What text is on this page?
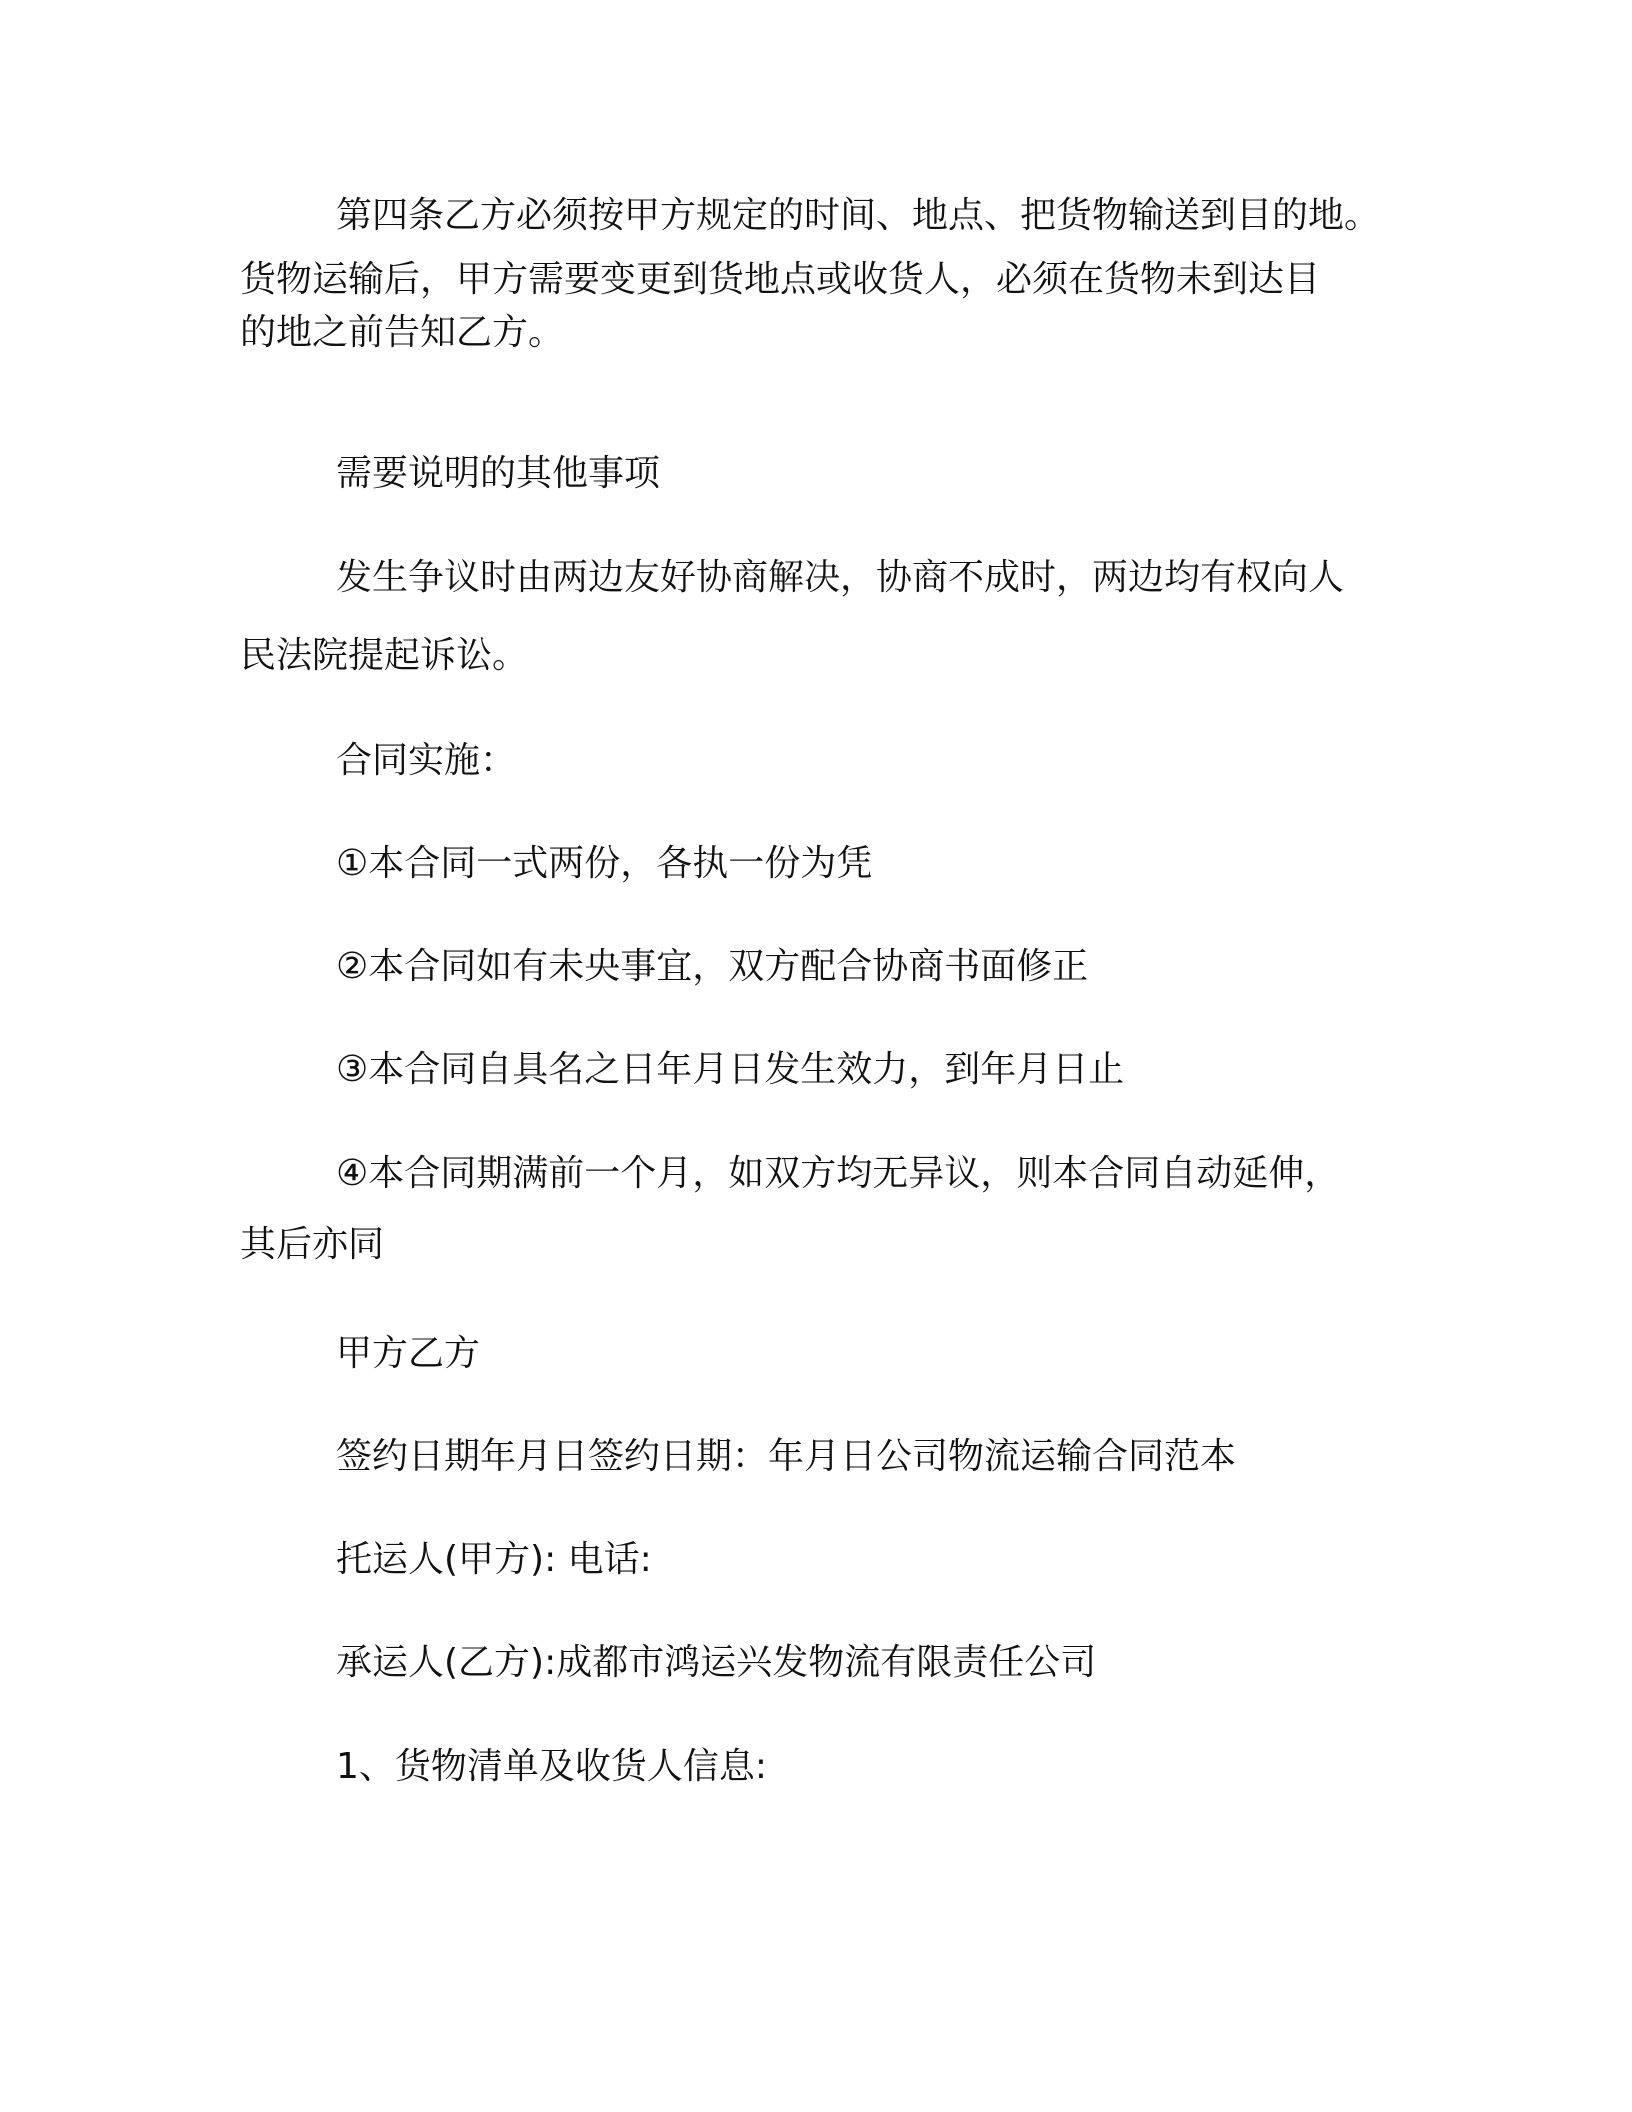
第四条乙方必须按甲方规定的时间、地点、把货物输送到目的地。
货物运输后，甲方需要变更到货地点或收货人，必须在货物未到达目
的地之前告知乙方。

需要说明的其他事项

发生争议时由两边友好协商解决，协商不成时，两边均有权向人
民法院提起诉讼。

合同实施：

①本合同一式两份，各执一份为凭

②本合同如有未央事宜，双方配合协商书面修正

③本合同自具名之日年月日发生效力，到年月日止

④本合同期满前一个月，如双方均无异议，则本合同自动延伸，
其后亦同

甲方乙方

签约日期年月日签约日期：年月日公司物流运输合同范本

托运人(甲方): 电话:

承运人(乙方):成都市鸿运兴发物流有限责任公司

1、货物清单及收货人信息:
